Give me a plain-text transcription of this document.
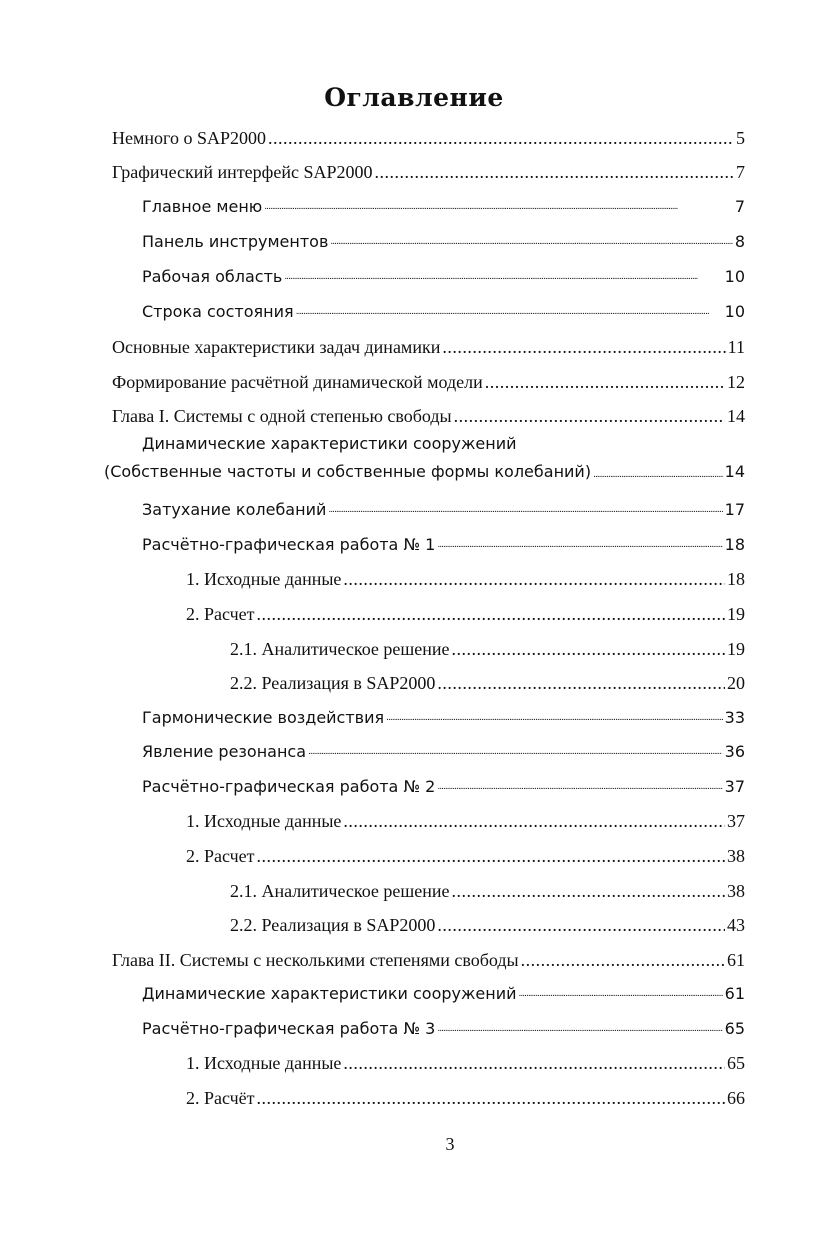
Оглавление
Немного о SAP2000 . . .	5
Графический интерфейс SAP2000 . . .	7
Главное меню .....	7
Панель инструментов .....	8
Рабочая область .....	10
Строка состояния .....	10
Основные характеристики задач динамики . . .	11
Формирование расчётной динамической модели . . .	12
Глава I. Системы с одной степенью свободы . . .	14
Динамические характеристики сооружений
(Собственные частоты и собственные формы колебаний) .....	14
Затухание колебаний .....	17
Расчётно-графическая работа № 1 .....	18
1. Исходные данные . . .	18
2. Расчет . . .	19
2.1. Аналитическое решение . . .	19
2.2. Реализация в SAP2000 . . .	20
Гармонические воздействия .....	33
Явление резонанса .....	36
Расчётно-графическая работа № 2 .....	37
1. Исходные данные . . .	37
2. Расчет . . .	38
2.1. Аналитическое решение . . .	38
2.2. Реализация в SAP2000 . . .	43
Глава II. Системы с несколькими степенями свободы . . .	61
Динамические характеристики сооружений .....	61
Расчётно-графическая работа № 3 .....	65
1. Исходные данные . . .	65
2. Расчёт . . .	66
3
